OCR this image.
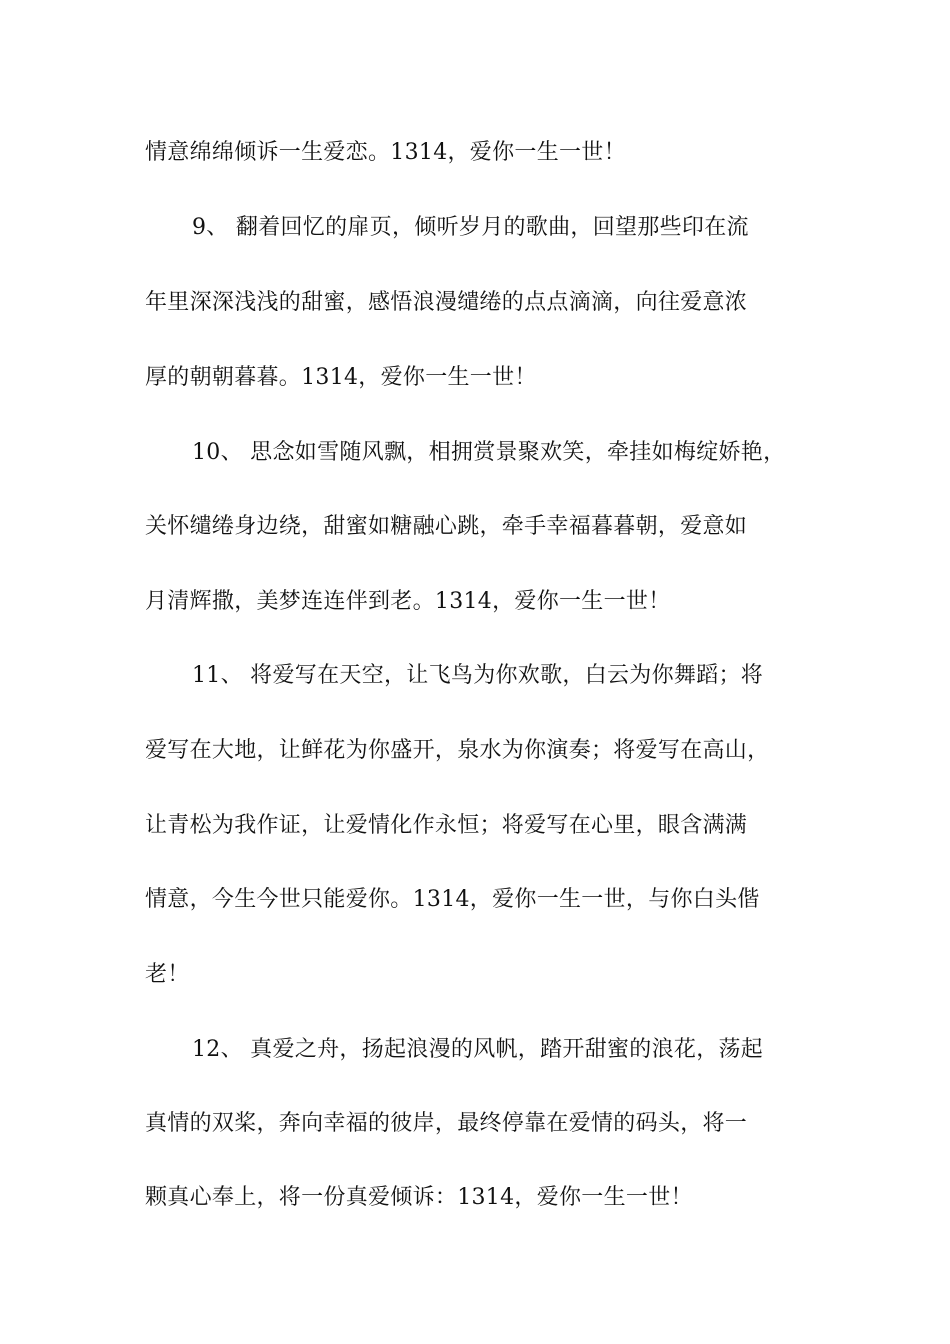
情意绵绵倾诉一生爱恋。1314，爱你一生一世！
9、 翻着回忆的扉页，倾听岁月的歌曲，回望那些印在流
年里深深浅浅的甜蜜，感悟浪漫缱绻的点点滴滴，向往爱意浓
厚的朝朝暮暮。1314，爱你一生一世！
10、 思念如雪随风飘，相拥赏景聚欢笑，牵挂如梅绽娇艳，
关怀缱绻身边绕，甜蜜如糖融心跳，牵手幸福暮暮朝，爱意如
月清辉撒，美梦连连伴到老。1314，爱你一生一世！
11、 将爱写在天空，让飞鸟为你欢歌，白云为你舞蹈；将
爱写在大地，让鲜花为你盛开，泉水为你演奏；将爱写在高山，
让青松为我作证，让爱情化作永恒；将爱写在心里，眼含满满
情意，今生今世只能爱你。1314，爱你一生一世，与你白头偕
老！
12、 真爱之舟，扬起浪漫的风帆，踏开甜蜜的浪花，荡起
真情的双桨，奔向幸福的彼岸，最终停靠在爱情的码头，将一
颗真心奉上，将一份真爱倾诉：1314，爱你一生一世！
